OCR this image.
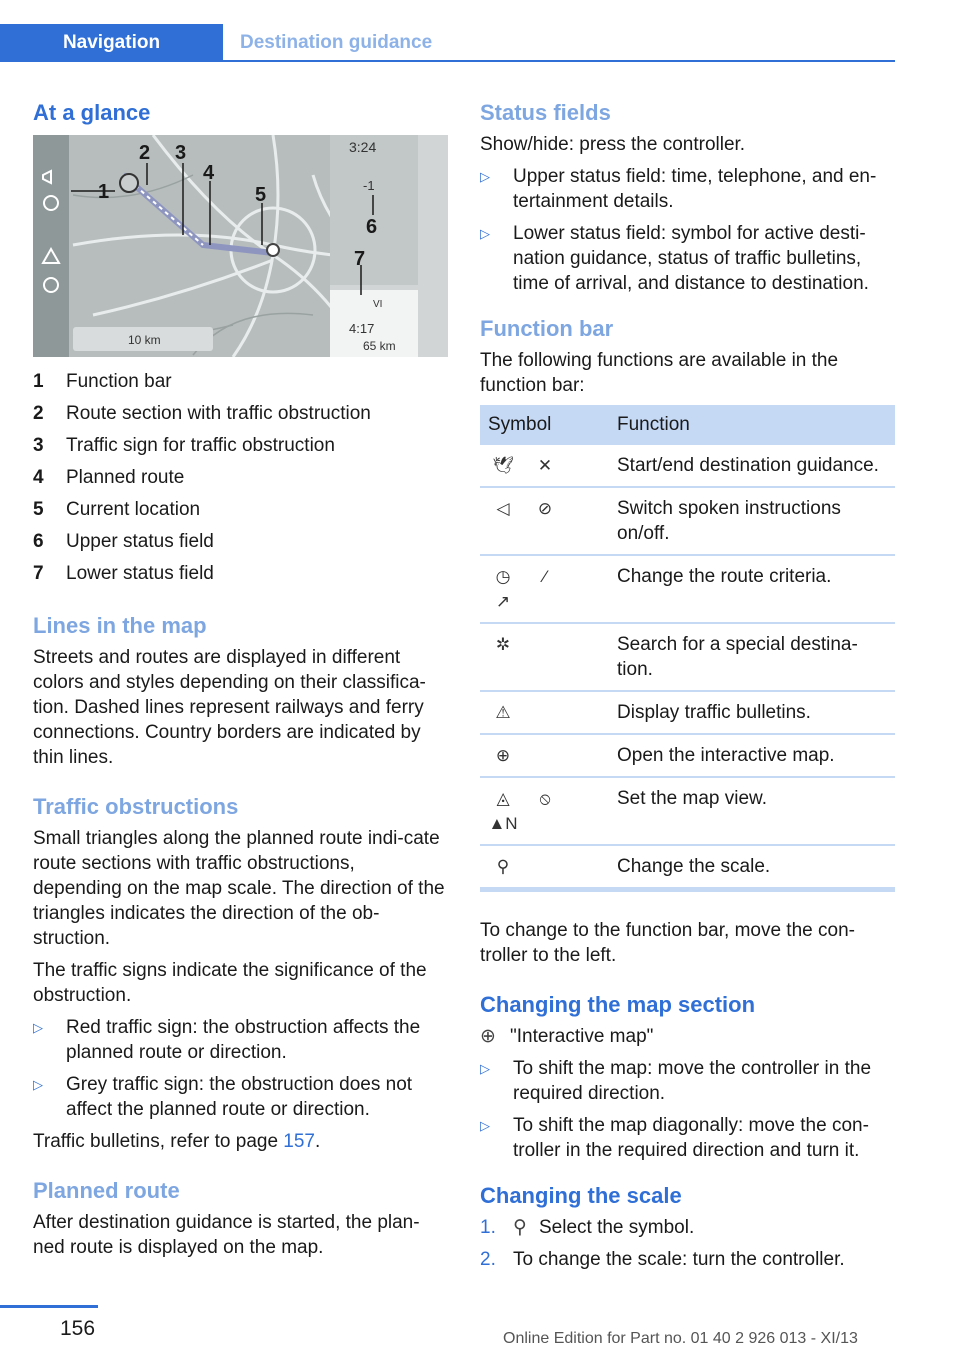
Navigation	Destination guidance
At a glance
10 km
3:24
-1
VI
4:17
65 km
1
2 3
4
5
6
7
1	Function bar
2	Route section with traffic obstruction
3	Traffic sign for traffic obstruction
4	Planned route
5	Current location
6	Upper status field
7	Lower status field
Lines in the map

Streets and routes are displayed in different colors and styles depending on their classifica‐tion. Dashed lines represent railways and ferry connections. Country borders are indicated by thin lines.

Traffic obstructions

Small triangles along the planned route indi‐cate route sections with traffic obstructions, depending on the map scale. The direction of the triangles indicates the direction of the ob‐struction.

The traffic signs indicate the significance of the obstruction.

▷	Red traffic sign: the obstruction affects the planned route or direction.
▷	Grey traffic sign: the obstruction does not affect the planned route or direction.

Traffic bulletins, refer to page 157.

Planned route

After destination guidance is started, the plan‐ned route is displayed on the map.

Status fields

Show/hide: press the controller.

▷	Upper status field: time, telephone, and en‐tertainment details.
▷	Lower status field: symbol for active desti‐nation guidance, status of traffic bulletins, time of arrival, and distance to destination.
Function bar

The following functions are available in the function bar:

Symbol	Function
🕊 ✕	Start/end destination guidance.
◁ ⊘	Switch spoken instructions on/off.
◷ ⁄↗	Change the route criteria.
✲	Search for a special destina‐tion.
⚠	Display traffic bulletins.
⊕	Open the interactive map.
◬ ⦸▲N	Set the map view.
⚲	Change the scale.

To change to the function bar, move the con‐troller to the left.

Changing the map section

⊕ "Interactive map"

▷	To shift the map: move the controller in the required direction.
▷	To shift the map diagonally: move the con‐troller in the required direction and turn it.
Changing the scale
1. ⚲ Select the symbol.
2. To change the scale: turn the controller.
156	Online Edition for Part no. 01 40 2 926 013 - XI/13
